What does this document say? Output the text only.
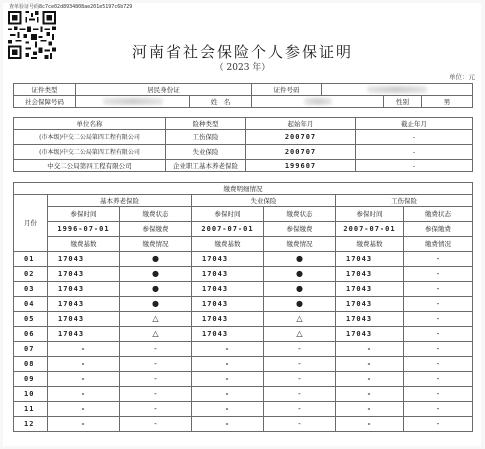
查单验证号码8c7ce02d8934808ae201e5197c6b729
河南省社会保险个人参保证明
（ 2023 年）
单位：元
证件类型	居民身份证		证件号码			
社会保障号码		姓　名			性别	男
单位名称	险种类型	起始年月	截止年月
(市本级)中交二公局第四工程有限公司	工伤保险	200707	-
(市本级)中交二公局第四工程有限公司	失业保险	200707	-
中交二公局第四工程有限公司	企业职工基本养老保险	199607	-
缴费明细情况						
月份	基本养老保险		失业保险		工伤保险	
	参保时间	缴费状态	参保时间	缴费状态	参保时间	缴费状态
	1996-07-01	参保缴费	2007-07-01	参保缴费	2007-07-01	参保缴费
	缴费基数	缴费情况	缴费基数	缴费情况	缴费基数	缴费情况
01	17043	●	17043	●	17043	-
02	17043	●	17043	●	17043	-
03	17043	●	17043	●	17043	-
04	17043	●	17043	●	17043	-
05	17043	△	17043	△	17043	-
06	17043	△	17043	△	17043	-
07	-	-	-	-	-	-
08	-	-	-	-	-	-
09	-	-	-	-	-	-
10	-	-	-	-	-	-
11	-	-	-	-	-	-
12	-	-	-	-	-	-
